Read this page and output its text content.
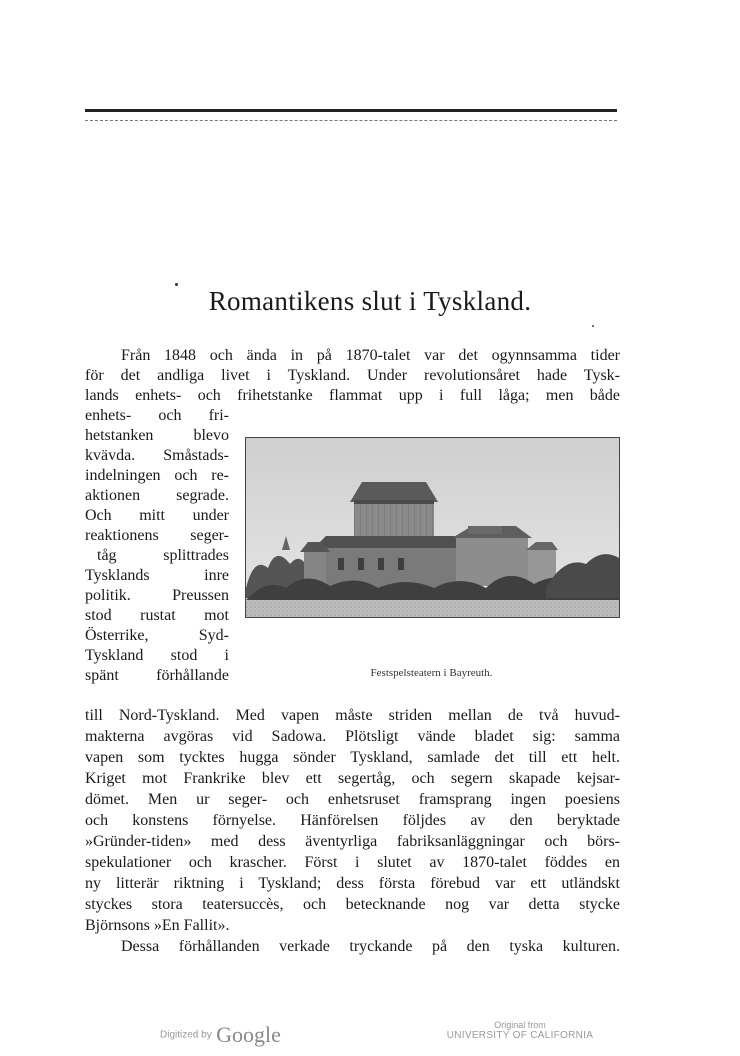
Romantikens slut i Tyskland.
Från 1848 och ända in på 1870-talet var det ogynnsamma tider
för det andliga livet i Tyskland. Under revolutionsåret hade Tysk-
lands enhets- och frihetstanke flammat upp i full låga; men både
enhets- och fri-
hetstanken blevo
kvävda. Småstads-
indelningen och re-
aktionen segrade.
Och mitt under
reaktionens seger-
tåg splittrades
Tysklands inre
politik. Preussen
stod rustat mot
Österrike, Syd-
Tyskland stod i
spänt förhållande	Festspelsteatern i Bayreuth.
till Nord-Tyskland. Med vapen måste striden mellan de två huvud-
makterna avgöras vid Sadowa. Plötsligt vände bladet sig: samma
vapen som tycktes hugga sönder Tyskland, samlade det till ett helt.
Kriget mot Frankrike blev ett segertåg, och segern skapade kejsar-
dömet. Men ur seger- och enhetsruset framsprang ingen poesiens
och konstens förnyelse. Hänförelsen följdes av den beryktade
»Gründer-tiden» med dess äventyrliga fabriksanläggningar och börs-
spekulationer och krascher. Först i slutet av 1870-talet föddes en
ny litterär riktning i Tyskland; dess första förebud var ett utländskt
styckes stora teatersuccès, och betecknande nog var detta stycke
Björnsons »En Fallit».
Dessa förhållanden verkade tryckande på den tyska kulturen.
Digitized by Google	Original from
UNIVERSITY OF CALIFORNIA
